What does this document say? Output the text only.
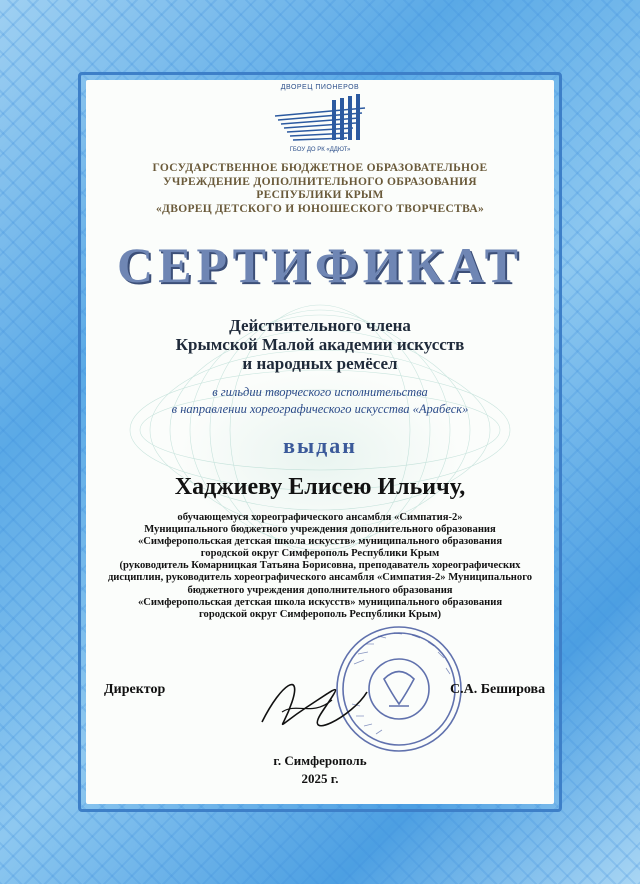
ДВОРЕЦ ПИОНЕРОВ
ГБОУ ДО РК «ДДЮТ»
ГОСУДАРСТВЕННОЕ БЮДЖЕТНОЕ ОБРАЗОВАТЕЛЬНОЕ
УЧРЕЖДЕНИЕ ДОПОЛНИТЕЛЬНОГО ОБРАЗОВАНИЯ
РЕСПУБЛИКИ КРЫМ
«ДВОРЕЦ ДЕТСКОГО И ЮНОШЕСКОГО ТВОРЧЕСТВА»
СЕРТИФИКАТ
Действительного члена
Крымской Малой академии искусств
и народных ремёсел
в гильдии творческого исполнительства
в направлении хореографического искусства «Арабеск»
выдан
Хаджиеву Елисею Ильичу,
обучающемуся хореографического ансамбля «Симпатия-2»
Муниципального бюджетного учреждения дополнительного образования
«Симферопольская детская школа искусств» муниципального образования
городской округ Симферополь Республики Крым
(руководитель Комарницкая Татьяна Борисовна, преподаватель хореографических
дисциплин, руководитель хореографического ансамбля «Симпатия-2» Муниципального
бюджетного учреждения дополнительного образования
«Симферопольская детская школа искусств» муниципального образования
городской округ Симферополь Республики Крым)
Директор	С.А. Беширова
г. Симферополь
2025 г.
